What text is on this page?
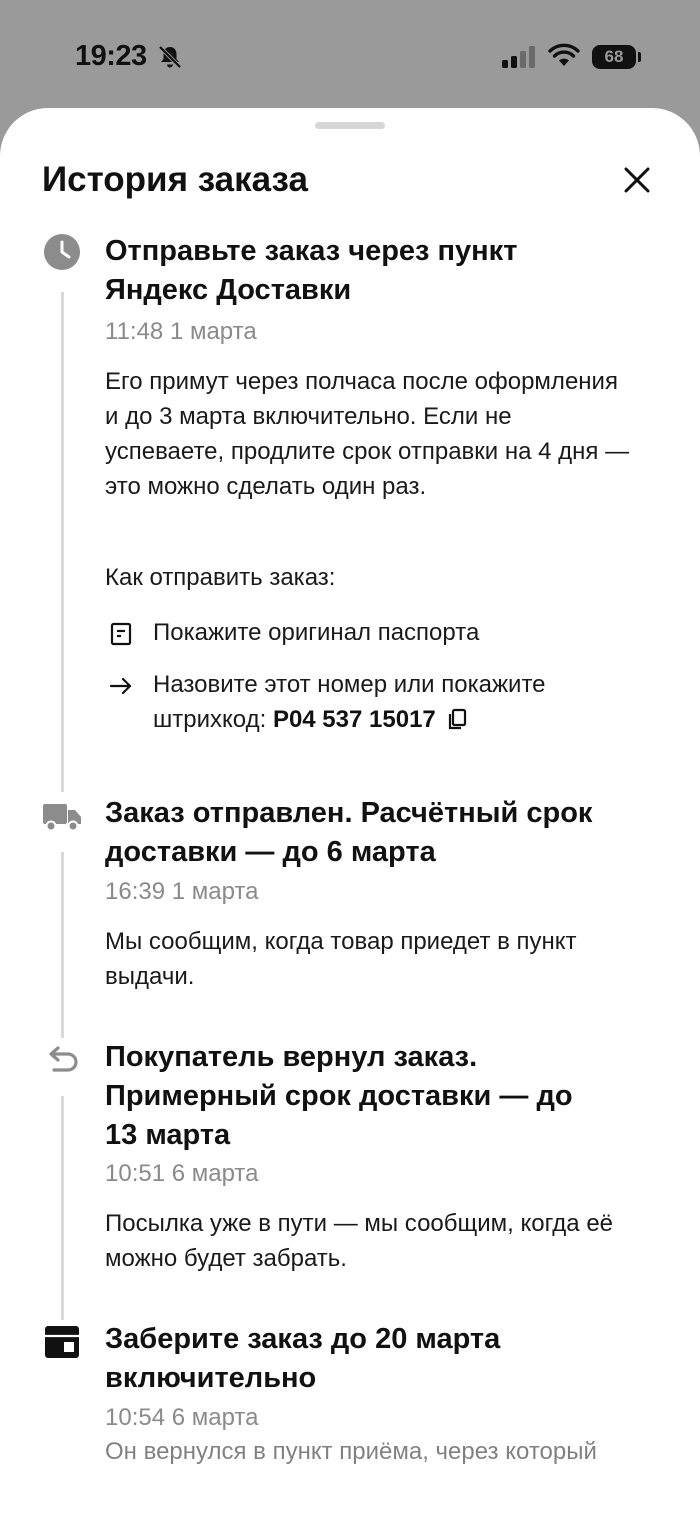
19:23	68
История заказа
Отправьте заказ через пункт Яндекс Доставки
11:48 1 марта
Его примут через полчаса после оформления и до 3 марта включительно. Если не успеваете, продлите срок отправки на 4 дня — это можно сделать один раз.
Как отправить заказ:
Покажите оригинал паспорта
Назовите этот номер или покажите штрихкод: P04 537 15017
Заказ отправлен. Расчётный срок доставки — до 6 марта
16:39 1 марта
Мы сообщим, когда товар приедет в пункт выдачи.
Покупатель вернул заказ. Примерный срок доставки — до 13 марта
10:51 6 марта
Посылка уже в пути — мы сообщим, когда её можно будет забрать.
Заберите заказ до 20 марта включительно
10:54 6 марта
Он вернулся в пункт приёма, через который
